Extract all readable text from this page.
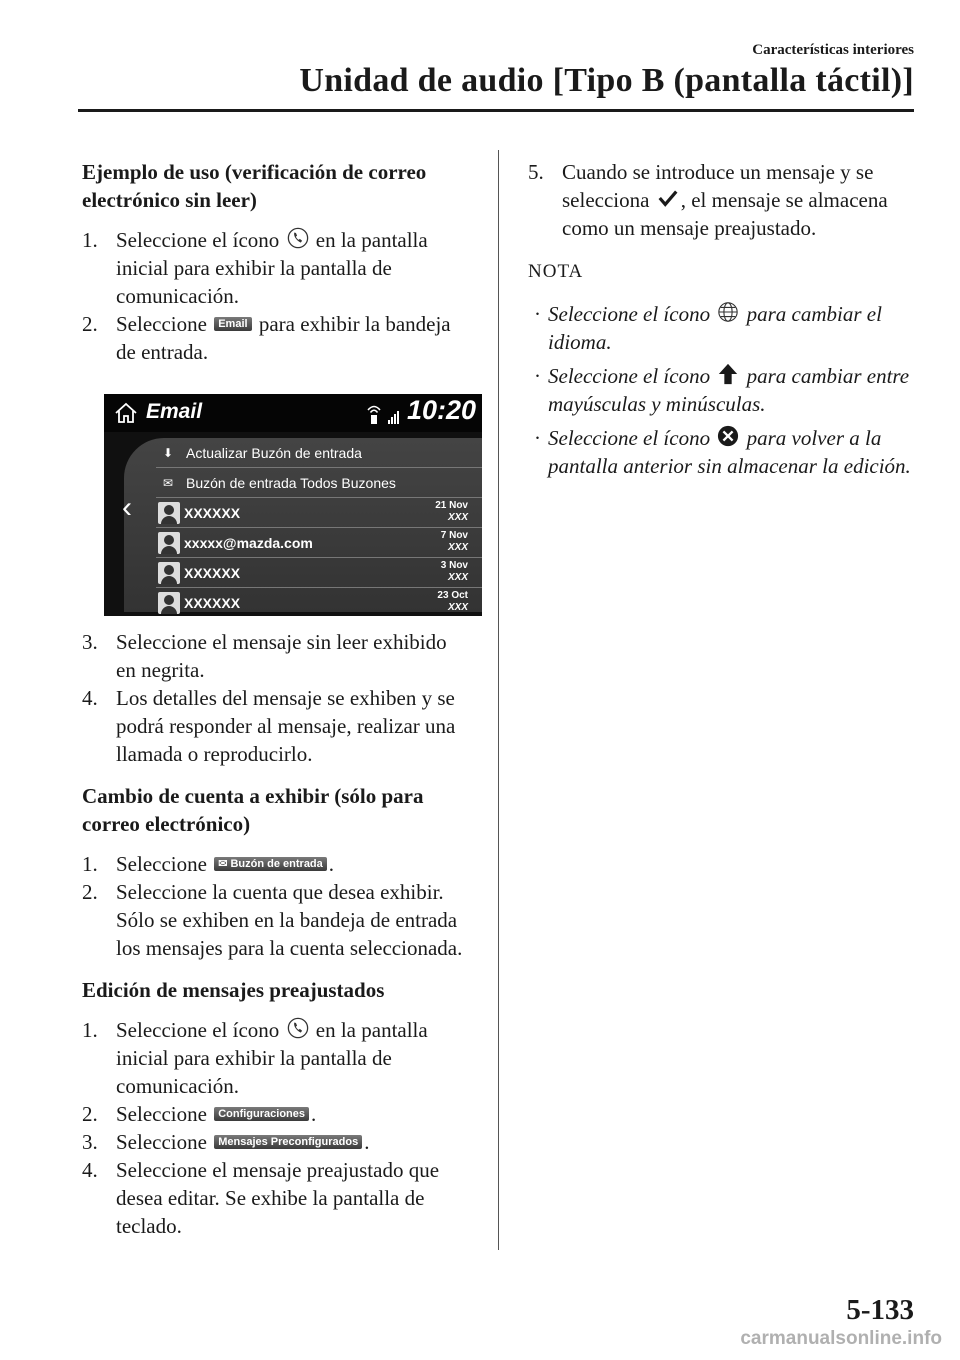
Características interiores
Unidad de audio [Tipo B (pantalla táctil)]
Ejemplo de uso (verificación de correo electrónico sin leer)
1. Seleccione el ícono en la pantalla inicial para exhibir la pantalla de comunicación.
2. Seleccione Email para exhibir la bandeja de entrada.
Email	10:20
‹
⬇ Actualizar Buzón de entrada
✉ Buzón de entrada Todos Buzones
XXXXXX	21 Nov
XXX
xxxxx@mazda.com	7 Nov
XXX
XXXXXX	3 Nov
XXX
XXXXXX	23 Oct
XXX
3. Seleccione el mensaje sin leer exhibido en negrita.
4. Los detalles del mensaje se exhiben y se podrá responder al mensaje, realizar una llamada o reproducirlo.
Cambio de cuenta a exhibir (sólo para correo electrónico)
1. Seleccione ✉ Buzón de entrada .
2. Seleccione la cuenta que desea exhibir. Sólo se exhiben en la bandeja de entrada los mensajes para la cuenta seleccionada.
Edición de mensajes preajustados
1. Seleccione el ícono en la pantalla inicial para exhibir la pantalla de comunicación.
2. Seleccione Configuraciones .
3. Seleccione Mensajes Preconfigurados .
4. Seleccione el mensaje preajustado que desea editar. Se exhibe la pantalla de teclado.
5. Cuando se introduce un mensaje y se selecciona , el mensaje se almacena como un mensaje preajustado.
NOTA
· Seleccione el ícono para cambiar el idioma.
· Seleccione el ícono para cambiar entre mayúsculas y minúsculas.
· Seleccione el ícono para volver a la pantalla anterior sin almacenar la edición.
5-133
carmanualsonline.info
